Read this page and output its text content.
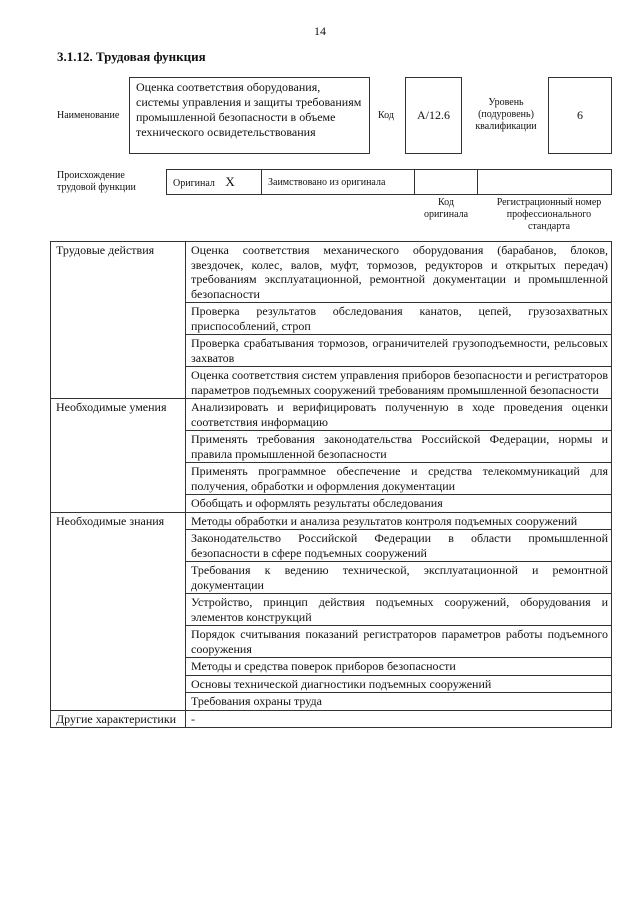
14
3.1.12. Трудовая функция
Наименование
Оценка соответствия оборудования, системы управления и защиты требованиям промышленной безопасности в объеме технического освидетельствования
Код	A/12.6
Уровень (подуровень) квалификации
6
Происхождение трудовой функции	Оригинал X	Заимствовано из оригинала		
Код оригинала
Регистрационный номер профессионального стандарта
Трудовые действия	Оценка соответствия механического оборудования (барабанов, блоков, звездочек, колес, валов, муфт, тормозов, редукторов и открытых передач) требованиям эксплуатационной, ремонтной документации и промышленной безопасности
	Проверка результатов обследования канатов, цепей, грузозахватных приспособлений, строп
	Проверка срабатывания тормозов, ограничителей грузоподъемности, рельсовых захватов
	Оценка соответствия систем управления приборов безопасности и регистраторов параметров подъемных сооружений требованиям промышленной безопасности
Необходимые умения	Анализировать и верифицировать полученную в ходе проведения оценки соответствия информацию
	Применять требования законодательства Российской Федерации, нормы и правила промышленной безопасности
	Применять программное обеспечение и средства телекоммуникаций для получения, обработки и оформления документации
	Обобщать и оформлять результаты обследования
Необходимые знания	Методы обработки и анализа результатов контроля подъемных сооружений
	Законодательство Российской Федерации в области промышленной безопасности в сфере подъемных сооружений
	Требования к ведению технической, эксплуатационной и ремонтной документации
	Устройство, принцип действия подъемных сооружений, оборудования и элементов конструкций
	Порядок считывания показаний регистраторов параметров работы подъемного сооружения
	Методы и средства поверок приборов безопасности
	Основы технической диагностики подъемных сооружений
	Требования охраны труда
Другие характеристики	-
